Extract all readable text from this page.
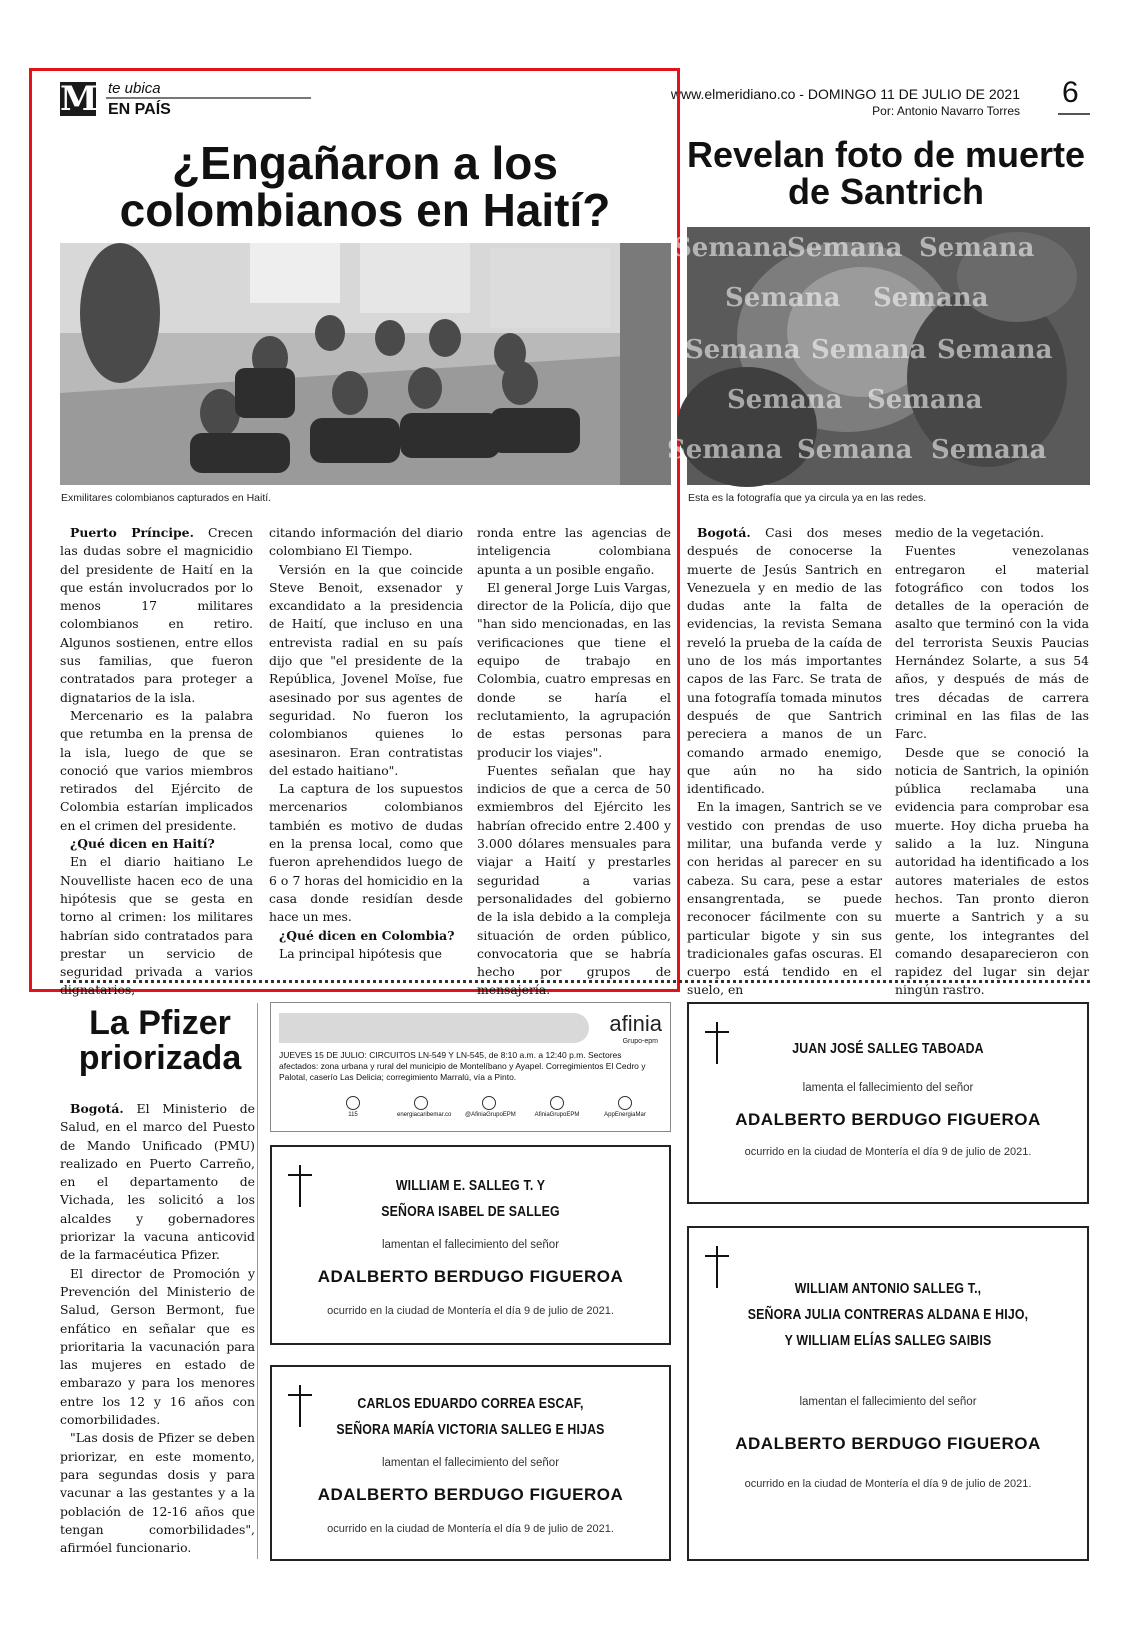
M te ubica
EN PAÍS
www.elmeridiano.co - DOMINGO 11 DE JULIO DE 2021
Por: Antonio Navarro Torres
6
¿Engañaron a los colombianos en Haití?
Exmilitares colombianos capturados en Haití.

Puerto Príncipe. Crecen las dudas sobre el magnicidio del presidente de Haití en la que están involucrados por lo menos 17 militares colombianos en retiro. Algunos sostienen, entre ellos sus familias, que fueron contratados para proteger a dignatarios de la isla.

Mercenario es la palabra que retumba en la prensa de la isla, luego de que se conoció que varios miembros retirados del Ejército de Colombia estarían implicados en el crimen del presidente.

¿Qué dicen en Haití?

En el diario haitiano Le Nouvelliste hacen eco de una hipótesis que se gesta en torno al crimen: los militares habrían sido contratados para prestar un servicio de seguridad privada a varios dignatarios,

citando información del diario colombiano El Tiempo.

Versión en la que coincide Steve Benoit, exsenador y excandidato a la presidencia de Haití, que incluso en una entrevista radial en su país dijo que "el presidente de la República, Jovenel Moïse, fue asesinado por sus agentes de seguridad. No fueron los colombianos quienes lo asesinaron. Eran contratistas del estado haitiano".

La captura de los supuestos mercenarios colombianos también es motivo de dudas en la prensa local, como que fueron aprehendidos luego de 6 o 7 horas del homicidio en la casa donde residían desde hace un mes.

¿Qué dicen en Colombia?

La principal hipótesis que

ronda entre las agencias de inteligencia colombiana apunta a un posible engaño.

El general Jorge Luis Vargas, director de la Policía, dijo que "han sido mencionadas, en las verificaciones que tiene el equipo de trabajo en Colombia, cuatro empresas en donde se haría el reclutamiento, la agrupación de estas personas para producir los viajes".

Fuentes señalan que hay indicios de que a cerca de 50 exmiembros del Ejército les habrían ofrecido entre 2.400 y 3.000 dólares mensuales para viajar a Haití y prestarles seguridad a varias personalidades del gobierno de la isla debido a la compleja situación de orden público, convocatoria que se habría hecho por grupos de mensajería.

Revelan foto de muerte de Santrich
Semana
Semana Semana
Semana Semana
Semana Semana Semana
Semana Semana
Semana Semana Semana
Esta es la fotografía que ya circula ya en las redes.

Bogotá. Casi dos meses después de conocerse la muerte de Jesús Santrich en Venezuela y en medio de las dudas ante la falta de evidencias, la revista Semana reveló la prueba de la caída de uno de los más importantes capos de las Farc. Se trata de una fotografía tomada minutos después de que Santrich pereciera a manos de un comando armado enemigo, que aún no ha sido identificado.

En la imagen, Santrich se ve vestido con prendas de uso militar, una bufanda verde y con heridas al parecer en su cabeza. Su cara, pese a estar ensangrentada, se puede reconocer fácilmente con su particular bigote y sin sus tradicionales gafas oscuras. El cuerpo está tendido en el suelo, en

medio de la vegetación.

Fuentes venezolanas entregaron el material fotográfico con todos los detalles de la operación de asalto que terminó con la vida del terrorista Seuxis Paucias Hernández Solarte, a sus 54 años, y después de más de tres décadas de carrera criminal en las filas de las Farc.

Desde que se conoció la noticia de Santrich, la opinión pública reclamaba una evidencia para comprobar esa muerte. Hoy dicha prueba ha salido a la luz. Ninguna autoridad ha identificado a los autores materiales de estos hechos. Tan pronto dieron muerte a Santrich y a su gente, los integrantes del comando desaparecieron con rapidez del lugar sin dejar ningún rastro.

La Pfizer priorizada

Bogotá. El Ministerio de Salud, en el marco del Puesto de Mando Unificado (PMU) realizado en Puerto Carreño, en el departamento de Vichada, les solicitó a los alcaldes y gobernadores priorizar la vacuna anticovid de la farmacéutica Pfizer.

El director de Promoción y Prevención del Ministerio de Salud, Gerson Bermont, fue enfático en señalar que es prioritaria la vacunación para las mujeres en estado de embarazo y para los menores entre los 12 y 16 años con comorbilidades.

"Las dosis de Pfizer se deben priorizar, en este momento, para segundas dosis y para vacunar a las gestantes y a la población de 12-16 años que tengan comorbilidades", afirmóel funcionario.

afinia
Grupo-epm
JUEVES 15 DE JULIO: CIRCUITOS LN-549 Y LN-545, de 8:10 a.m. a 12:40 p.m. Sectores afectados: zona urbana y rural del municipio de Montelíbano y Ayapel. Corregimientos El Cedro y Palotal, caserío Las Delicia; corregimiento Marralú, vía a Pinto.
115	energiacaribemar.co @AfiniaGrupoEPM	AfiniaGrupoEPM	AppEnergiaMar
JUAN JOSÉ SALLEG TABOADA
lamenta el fallecimiento del señor
ADALBERTO BERDUGO FIGUEROA
ocurrido en la ciudad de Montería el día 9 de julio de 2021.
WILLIAM E. SALLEG T. Y
SEÑORA ISABEL DE SALLEG
lamentan el fallecimiento del señor
ADALBERTO BERDUGO FIGUEROA
ocurrido en la ciudad de Montería el día 9 de julio de 2021.
CARLOS EDUARDO CORREA ESCAF,
SEÑORA MARÍA VICTORIA SALLEG E HIJAS
lamentan el fallecimiento del señor
ADALBERTO BERDUGO FIGUEROA
ocurrido en la ciudad de Montería el día 9 de julio de 2021.
WILLIAM ANTONIO SALLEG T.,
SEÑORA JULIA CONTRERAS ALDANA E HIJO,
Y WILLIAM ELÍAS SALLEG SAIBIS
lamentan el fallecimiento del señor
ADALBERTO BERDUGO FIGUEROA
ocurrido en la ciudad de Montería el día 9 de julio de 2021.
